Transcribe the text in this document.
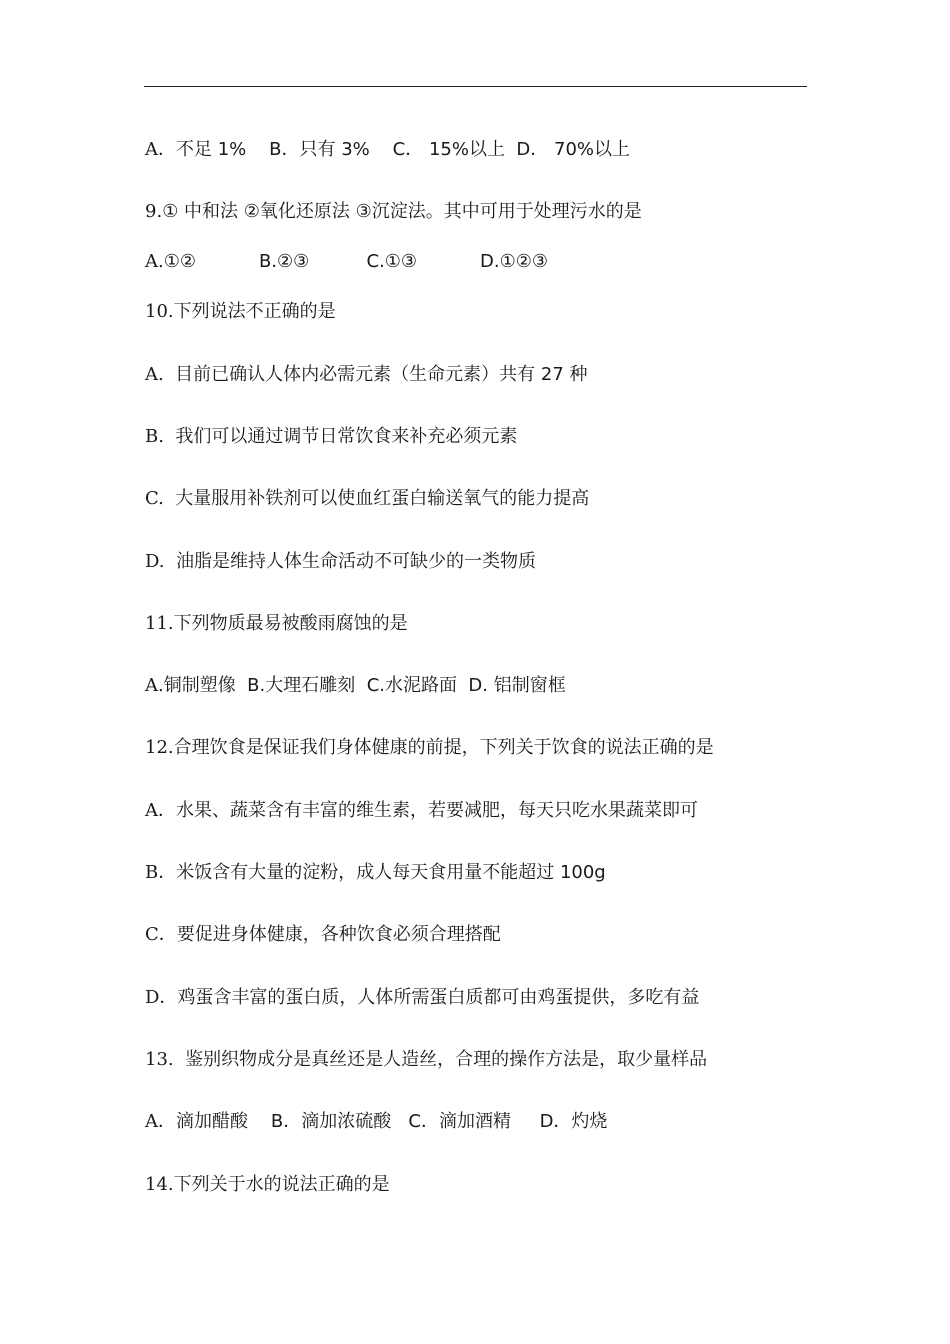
A．不足 1%    B．只有 3%    C． 15%以上  D． 70%以上
9.① 中和法 ②氧化还原法 ③沉淀法。其中可用于处理污水的是
A.①②           B.②③          C.①③           D.①②③
10.下列说法不正确的是
A.  目前已确认人体内必需元素（生命元素）共有 27 种
B.  我们可以通过调节日常饮食来补充必须元素
C.  大量服用补铁剂可以使血红蛋白输送氧气的能力提高
D.  油脂是维持人体生命活动不可缺少的一类物质
11.下列物质最易被酸雨腐蚀的是
A.铜制塑像  B.大理石雕刻  C.水泥路面  D. 铝制窗框
12.合理饮食是保证我们身体健康的前提，下列关于饮食的说法正确的是
A．水果、蔬菜含有丰富的维生素，若要减肥，每天只吃水果蔬菜即可
B．米饭含有大量的淀粉，成人每天食用量不能超过 100g
C．要促进身体健康，各种饮食必须合理搭配
D．鸡蛋含丰富的蛋白质，人体所需蛋白质都可由鸡蛋提供，多吃有益
13.  鉴别织物成分是真丝还是人造丝，合理的操作方法是，取少量样品
A．滴加醋酸    B．滴加浓硫酸   C．滴加酒精     D．灼烧
14.下列关于水的说法正确的是
